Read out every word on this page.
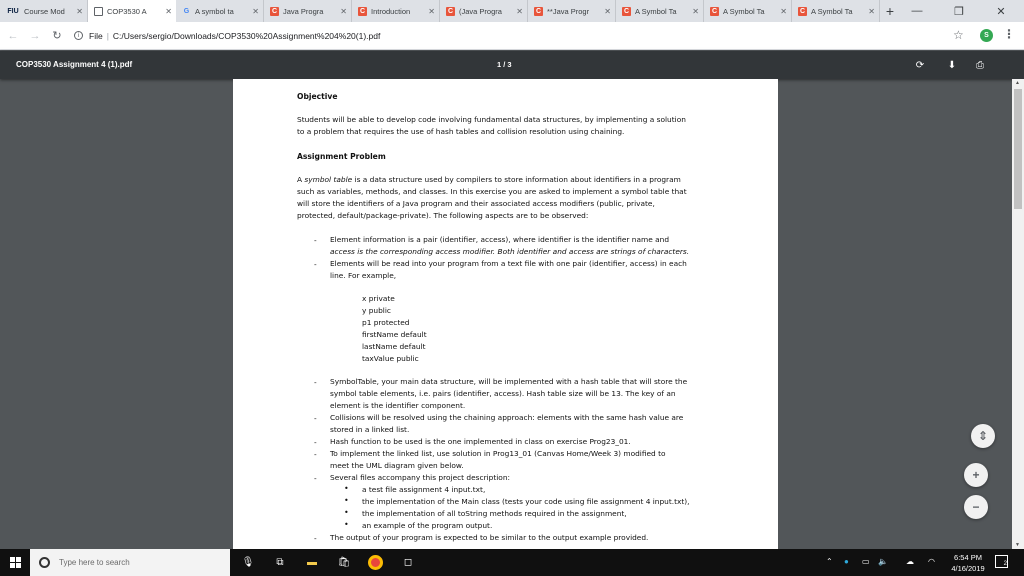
FIU Course Mod	✕	COP3530 A	✕ G A symbol ta	✕ C Java Progra	✕ C Introduction	✕ C (Java Progra	✕ C **Java Progr	✕ C A Symbol Ta	✕ C A Symbol Ta	✕ C A Symbol Ta	✕ +	—	❐	✕
←	→	↻	i	File | C:/Users/sergio/Downloads/COP3530%20Assignment%204%20(1).pdf	☆	S	⋮
COP3530 Assignment 4 (1).pdf	1 / 3	⟳	⬇	⎙
Objective
Students will be able to develop code involving fundamental data structures, by implementing a solution
to a problem that requires the use of hash tables and collision resolution using chaining.
Assignment Problem
A symbol table is a data structure used by compilers to store information about identifiers in a program
such as variables, methods, and classes. In this exercise you are asked to implement a symbol table that
will store the identifiers of a Java program and their associated access modifiers (public, private,
protected, default/package-private). The following aspects are to be observed:
- Element information is a pair (identifier, access), where identifier is the identifier name and
access is the corresponding access modifier. Both identifier and access are strings of characters.
- Elements will be read into your program from a text file with one pair (identifier, access) in each
line. For example,
x private
y public
p1 protected
firstName default
lastName default
taxValue public
- SymbolTable, your main data structure, will be implemented with a hash table that will store the
symbol table elements, i.e. pairs (identifier, access). Hash table size will be 13. The key of an
element is the identifier component.
- Collisions will be resolved using the chaining approach: elements with the same hash value are
stored in a linked list.
- Hash function to be used is the one implemented in class on exercise Prog23_01.
- To implement the linked list, use solution in Prog13_01 (Canvas Home/Week 3) modified to
meet the UML diagram given below.
- Several files accompany this project description:
• a test file assignment 4 input.txt,
• the implementation of the Main class (tests your code using file assignment 4 input.txt),
• the implementation of all toString methods required in the assignment,
• an example of the program output.
- The output of your program is expected to be similar to the output example provided.
▲
▼
⇕
+
−
Type here to search	🎙	⧉	▬	🛍	◻	⌃ ● ▭ 🔈 ☁ ◠	6:54 PM
4/16/2019	2
